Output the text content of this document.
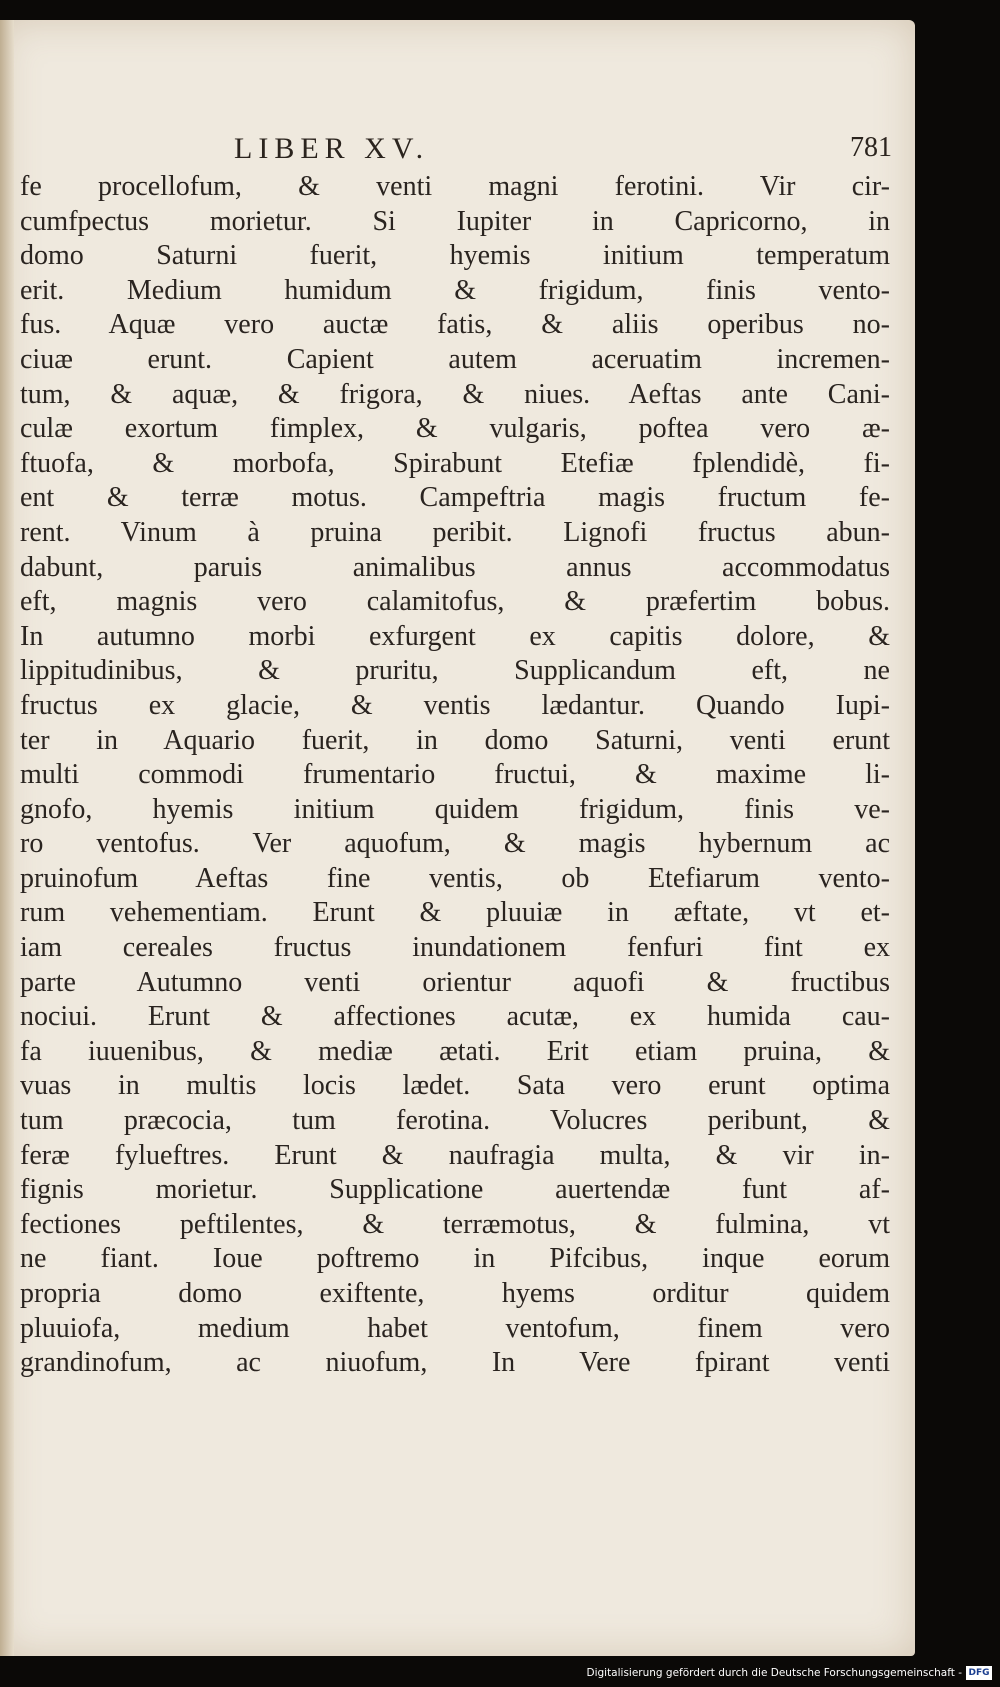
LIBER XV.	781
fe procellofum, & venti magni ferotini. Vir cir-
cumfpectus morietur. Si Iupiter in Capricorno, in
domo Saturni fuerit, hyemis initium temperatum
erit. Medium humidum & frigidum, finis vento-
fus. Aquæ vero auctæ fatis, & aliis operibus no-
ciuæ erunt. Capient autem aceruatim incremen-
tum, & aquæ, & frigora, & niues. Aeftas ante Cani-
culæ exortum fimplex, & vulgaris, poftea vero æ-
ftuofa, & morbofa, Spirabunt Etefiæ fplendidè, fi-
ent & terræ motus. Campeftria magis fructum fe-
rent. Vinum à pruina peribit. Lignofi fructus abun-
dabunt, paruis animalibus annus accommodatus
eft, magnis vero calamitofus, & præfertim bobus.
In autumno morbi exfurgent ex capitis dolore, &
lippitudinibus, & pruritu, Supplicandum eft, ne
fructus ex glacie, & ventis lædantur. Quando Iupi-
ter in Aquario fuerit, in domo Saturni, venti erunt
multi commodi frumentario fructui, & maxime li-
gnofo, hyemis initium quidem frigidum, finis ve-
ro ventofus. Ver aquofum, & magis hybernum ac
pruinofum Aeftas fine ventis, ob Etefiarum vento-
rum vehementiam. Erunt & pluuiæ in æftate, vt et-
iam cereales fructus inundationem fenfuri fint ex
parte Autumno venti orientur aquofi & fructibus
nociui. Erunt & affectiones acutæ, ex humida cau-
fa iuuenibus, & mediæ ætati. Erit etiam pruina, &
vuas in multis locis lædet. Sata vero erunt optima
tum præcocia, tum ferotina. Volucres peribunt, &
feræ fylueftres. Erunt & naufragia multa, & vir in-
fignis morietur. Supplicatione auertendæ funt af-
fectiones peftilentes, & terræmotus, & fulmina, vt
ne fiant. Ioue poftremo in Pifcibus, inque eorum
propria domo exiftente, hyems orditur quidem
pluuiofa, medium habet ventofum, finem vero
grandinofum, ac niuofum, In Vere fpirant venti
Digitalisierung gefördert durch die Deutsche Forschungsgemeinschaft - DFG
